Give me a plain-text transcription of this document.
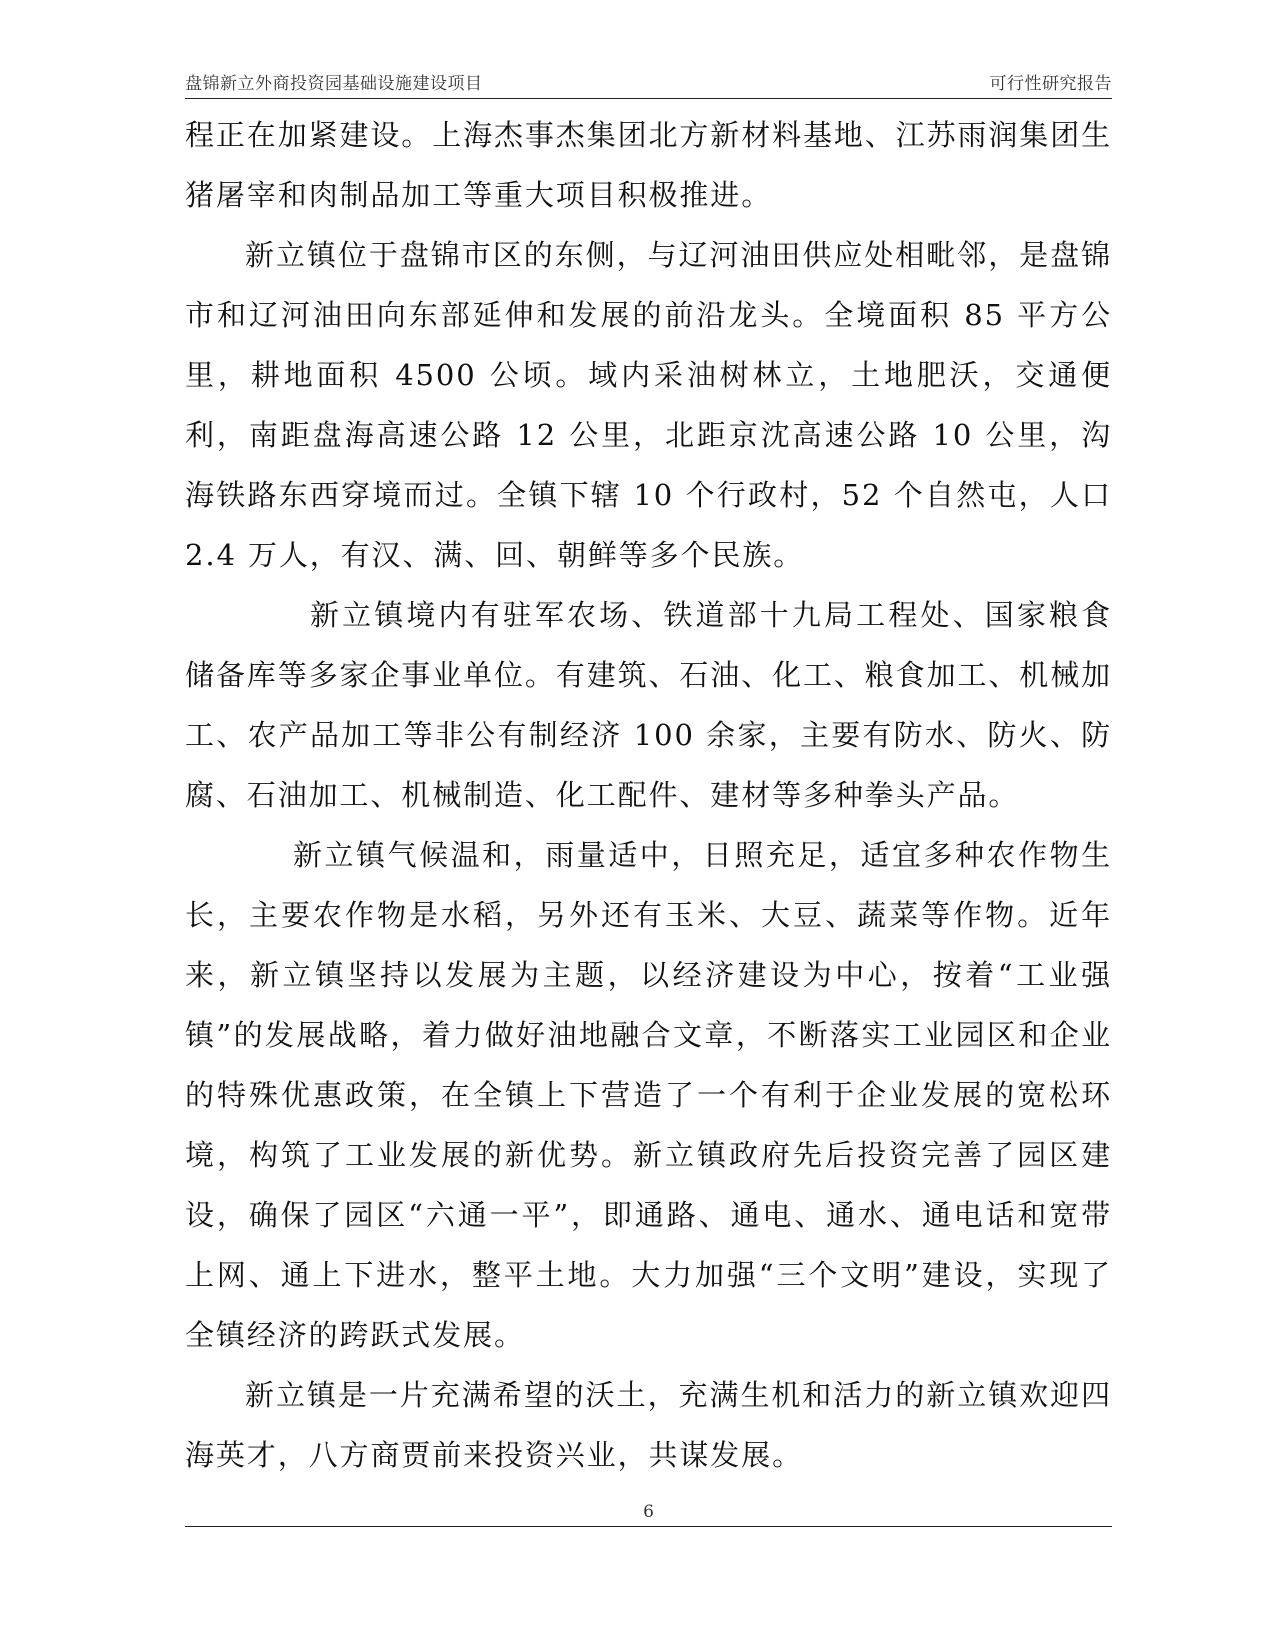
盘锦新立外商投资园基础设施建设项目	可行性研究报告

程正在加紧建设。上海杰事杰集团北方新材料基地、江苏雨润集团生猪屠宰和肉制品加工等重大项目积极推进。

新立镇位于盘锦市区的东侧，与辽河油田供应处相毗邻，是盘锦市和辽河油田向东部延伸和发展的前沿龙头。全境面积 85 平方公里，耕地面积 4500 公顷。域内采油树林立，土地肥沃，交通便利，南距盘海高速公路 12 公里，北距京沈高速公路 10 公里，沟海铁路东西穿境而过。全镇下辖 10 个行政村，52 个自然屯，人口 2.4 万人，有汉、满、回、朝鲜等多个民族。

新立镇境内有驻军农场、铁道部十九局工程处、国家粮食储备库等多家企事业单位。有建筑、石油、化工、粮食加工、机械加工、农产品加工等非公有制经济 100 余家，主要有防水、防火、防腐、石油加工、机械制造、化工配件、建材等多种拳头产品。

新立镇气候温和，雨量适中，日照充足，适宜多种农作物生长，主要农作物是水稻，另外还有玉米、大豆、蔬菜等作物。近年来，新立镇坚持以发展为主题，以经济建设为中心，按着“工业强镇”的发展战略，着力做好油地融合文章，不断落实工业园区和企业的特殊优惠政策，在全镇上下营造了一个有利于企业发展的宽松环境，构筑了工业发展的新优势。新立镇政府先后投资完善了园区建设，确保了园区“六通一平”，即通路、通电、通水、通电话和宽带上网、通上下进水，整平土地。大力加强“三个文明”建设，实现了全镇经济的跨跃式发展。

新立镇是一片充满希望的沃土，充满生机和活力的新立镇欢迎四海英才，八方商贾前来投资兴业，共谋发展。

6
